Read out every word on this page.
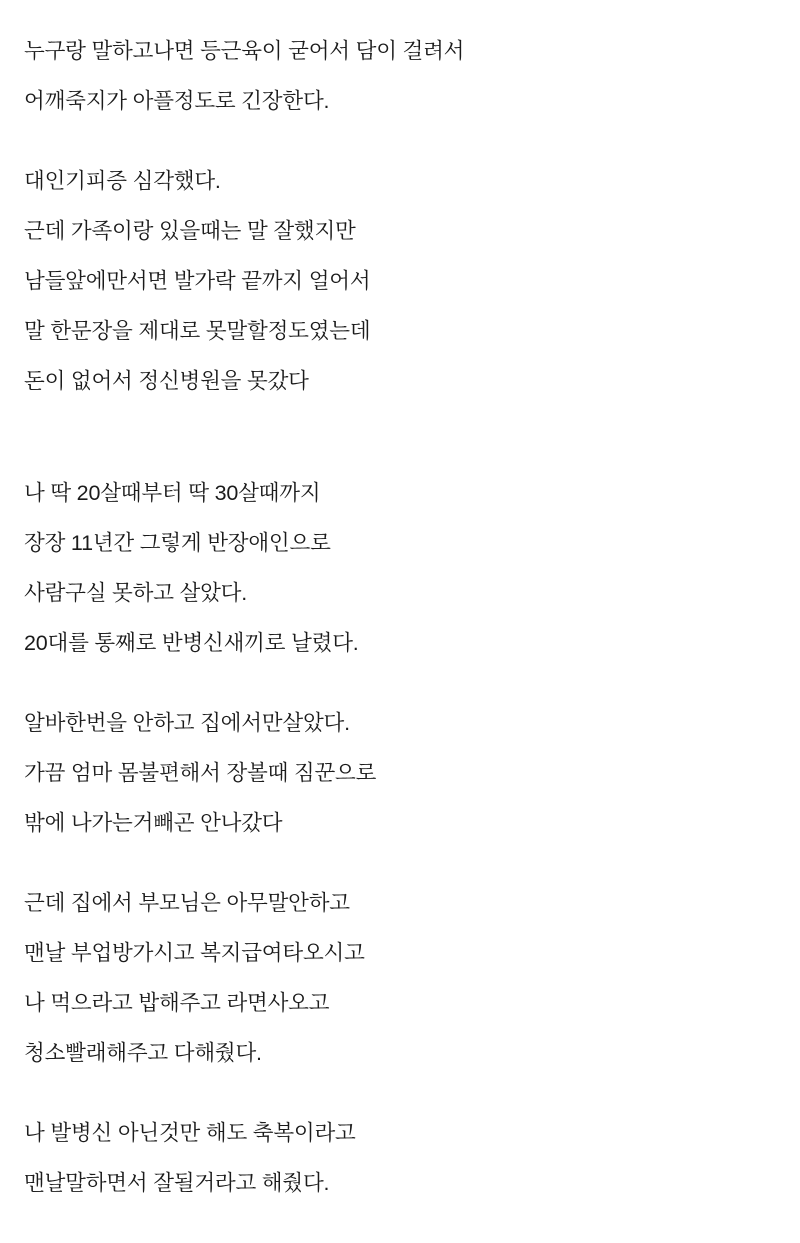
누구랑 말하고나면 등근육이 굳어서 담이 걸려서
어깨죽지가 아플정도로 긴장한다.
대인기피증 심각했다.
근데 가족이랑 있을때는 말 잘했지만
남들앞에만서면 발가락 끝까지 얼어서
말 한문장을 제대로 못말할정도였는데
돈이 없어서 정신병원을 못갔다
나 딱 20살때부터 딱 30살때까지
장장 11년간 그렇게 반장애인으로
사람구실 못하고 살았다.
20대를 통째로 반병신새끼로 날렸다.
알바한번을 안하고 집에서만살았다.
가끔 엄마 몸불편해서 장볼때 짐꾼으로
밖에 나가는거빼곤 안나갔다
근데 집에서 부모님은 아무말안하고
맨날 부업방가시고 복지급여타오시고
나 먹으라고 밥해주고 라면사오고
청소빨래해주고 다해줬다.
나 발병신 아닌것만 해도 축복이라고
맨날말하면서 잘될거라고 해줬다.
